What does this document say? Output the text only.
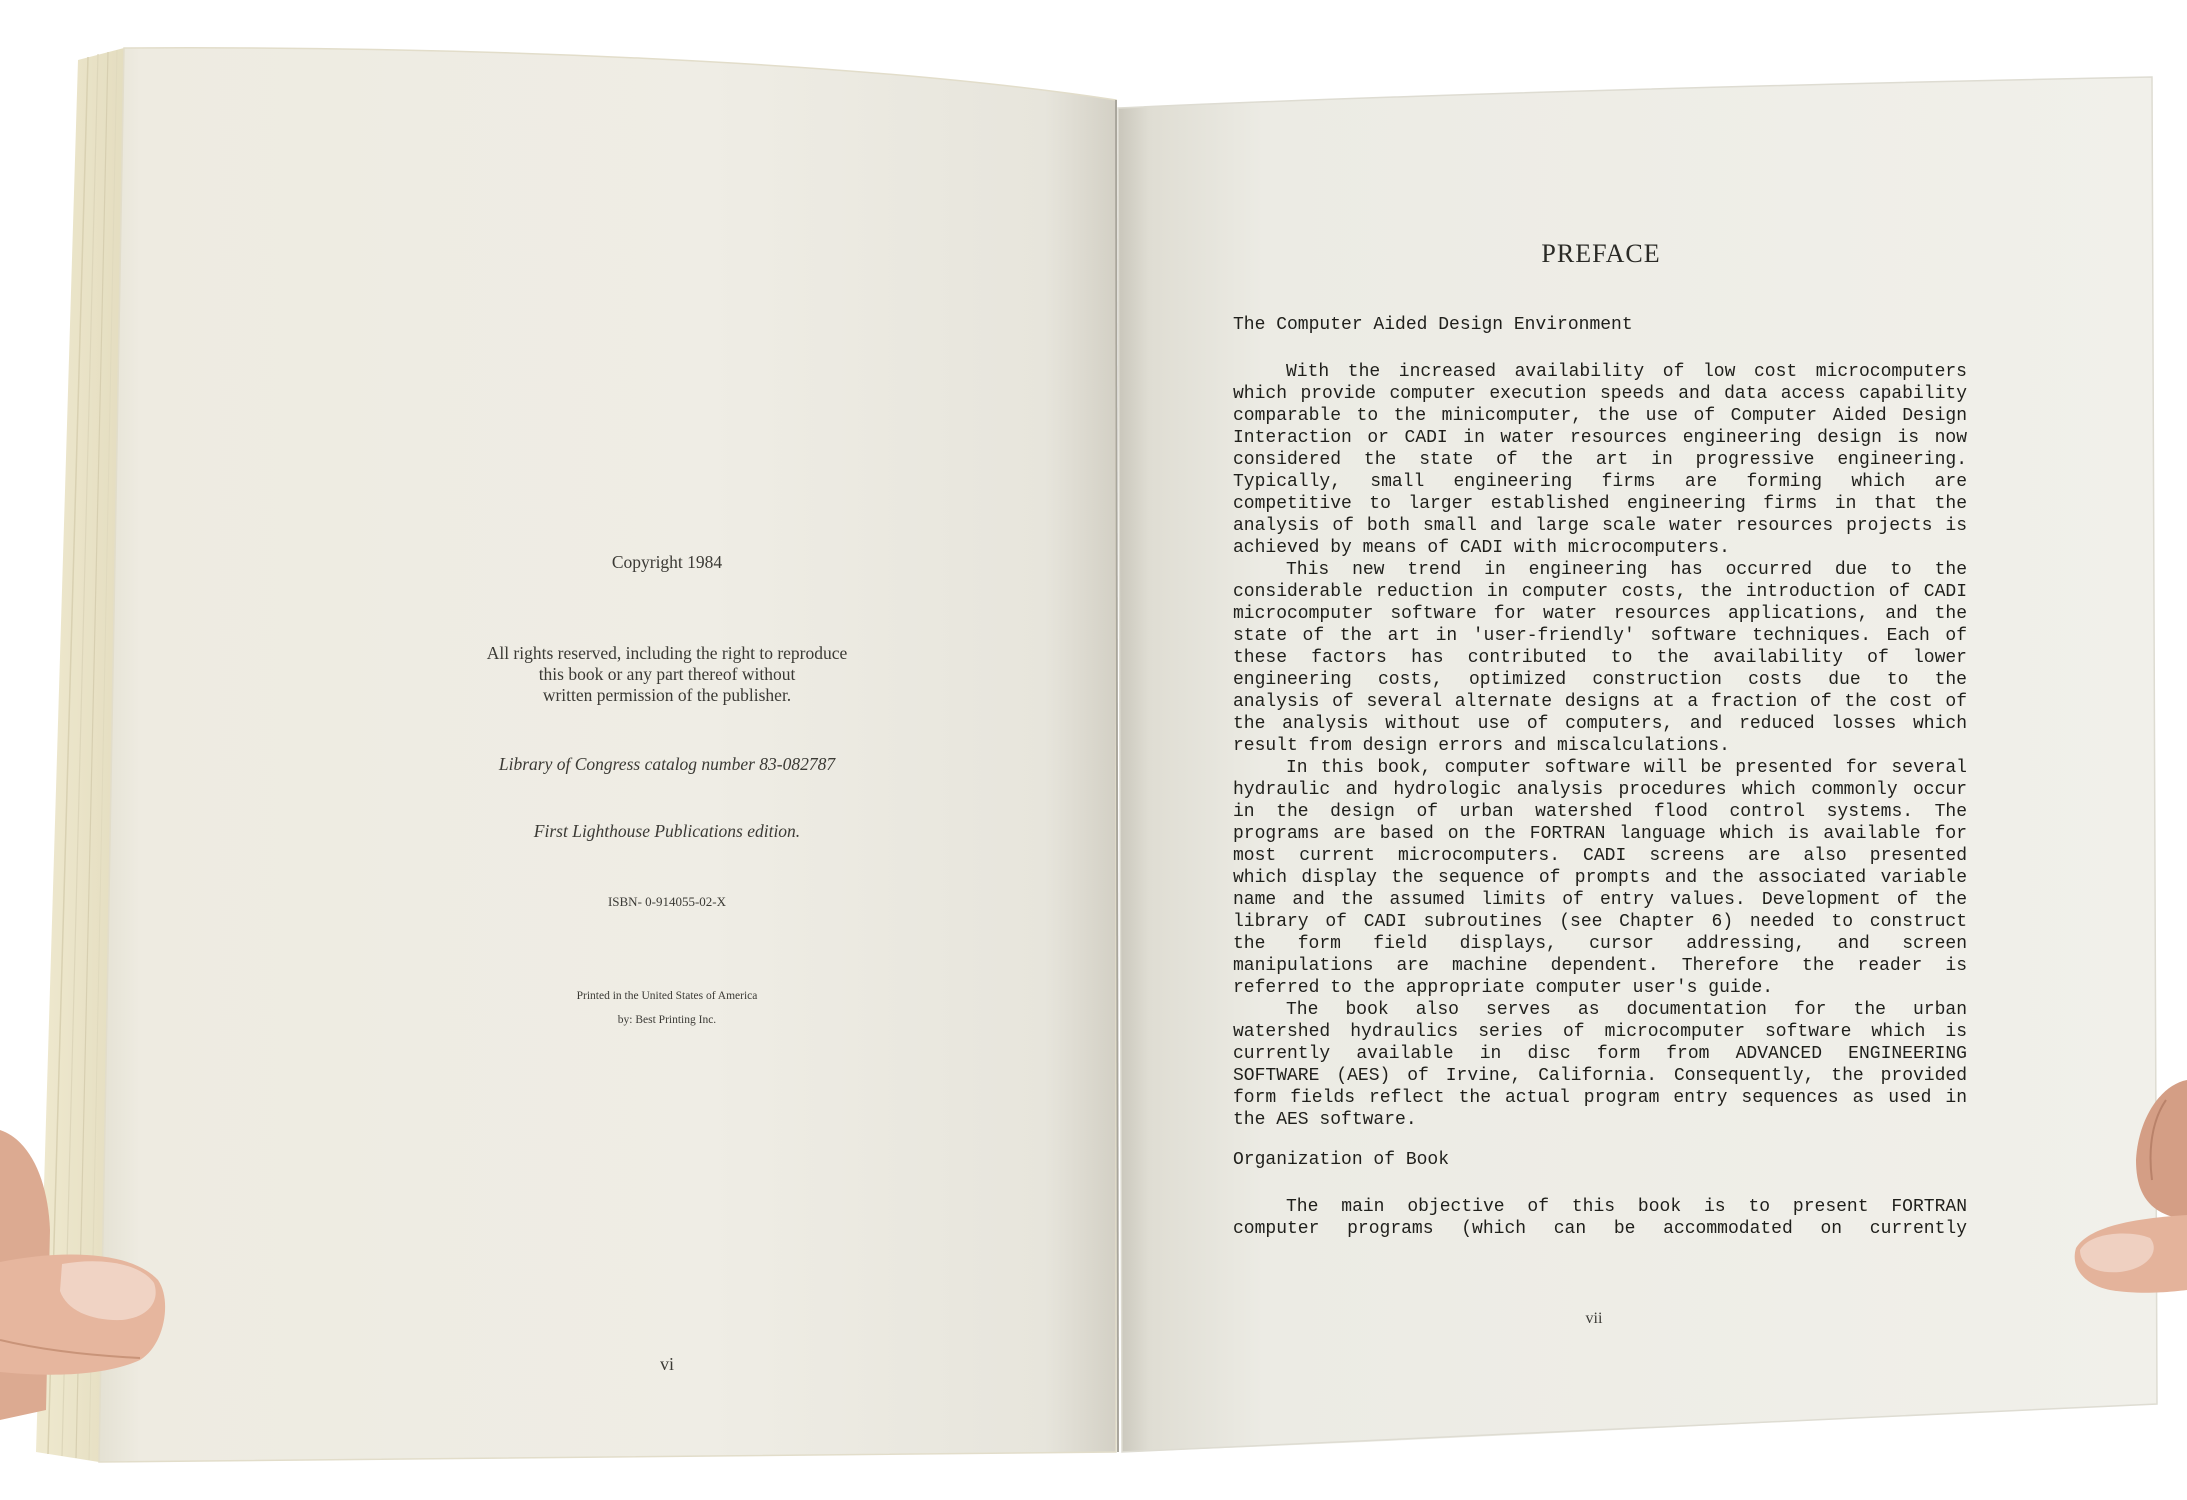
Copyright 1984
All rights reserved, including the right to reproduce
this book or any part thereof without
written permission of the publisher.
Library of Congress catalog number 83-082787
First Lighthouse Publications edition.
ISBN- 0-914055-02-X
Printed in the United States of America
by: Best Printing Inc.
vi
PREFACE
The Computer Aided Design Environment
With the increased availability of low cost microcomputers
which provide computer execution speeds and data access capability
comparable to the minicomputer, the use of Computer Aided Design
Interaction or CADI in water resources engineering design is now
considered the state of the art in progressive engineering.
Typically, small engineering firms are forming which are
competitive to larger established engineering firms in that the
analysis of both small and large scale water resources projects is
achieved by means of CADI with microcomputers.
This new trend in engineering has occurred due to the
considerable reduction in computer costs, the introduction of CADI
microcomputer software for water resources applications, and the
state of the art in 'user-friendly' software techniques. Each of
these factors has contributed to the availability of lower
engineering costs, optimized construction costs due to the
analysis of several alternate designs at a fraction of the cost of
the analysis without use of computers, and reduced losses which
result from design errors and miscalculations.
In this book, computer software will be presented for several
hydraulic and hydrologic analysis procedures which commonly occur
in the design of urban watershed flood control systems. The
programs are based on the FORTRAN language which is available for
most current microcomputers. CADI screens are also presented
which display the sequence of prompts and the associated variable
name and the assumed limits of entry values. Development of the
library of CADI subroutines (see Chapter 6) needed to construct
the form field displays, cursor addressing, and screen
manipulations are machine dependent. Therefore the reader is
referred to the appropriate computer user's guide.
The book also serves as documentation for the urban
watershed hydraulics series of microcomputer software which is
currently available in disc form from ADVANCED ENGINEERING
SOFTWARE (AES) of Irvine, California. Consequently, the provided
form fields reflect the actual program entry sequences as used in
the AES software.
Organization of Book
The main objective of this book is to present FORTRAN
computer programs (which can be accommodated on currently
vii
